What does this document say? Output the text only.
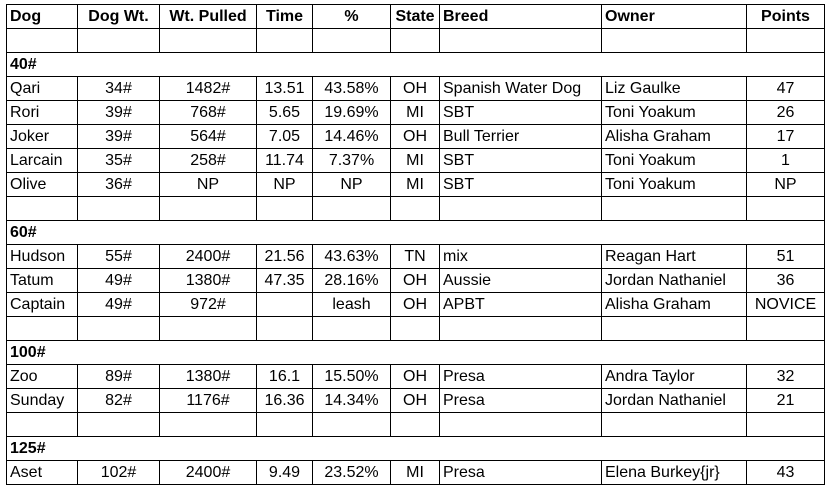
Dog	Dog Wt.	Wt. Pulled	Time	%	State	Breed	Owner	Points

40#								
Qari	34#	1482#	13.51	43.58%	OH	Spanish Water Dog	Liz Gaulke	47
Rori	39#	768#	5.65	19.69%	MI	SBT	Toni Yoakum	26
Joker	39#	564#	7.05	14.46%	OH	Bull Terrier	Alisha Graham	17
Larcain	35#	258#	11.74	7.37%	MI	SBT	Toni Yoakum	1
Olive	36#	NP	NP	NP	MI	SBT	Toni Yoakum	NP

60#								
Hudson	55#	2400#	21.56	43.63%	TN	mix	Reagan Hart	51
Tatum	49#	1380#	47.35	28.16%	OH	Aussie	Jordan Nathaniel	36
Captain	49#	972#		leash	OH	APBT	Alisha Graham	NOVICE

100#								
Zoo	89#	1380#	16.1	15.50%	OH	Presa	Andra Taylor	32
Sunday	82#	1176#	16.36	14.34%	OH	Presa	Jordan Nathaniel	21

125#								
Aset	102#	2400#	9.49	23.52%	MI	Presa	Elena Burkey{jr}	43
